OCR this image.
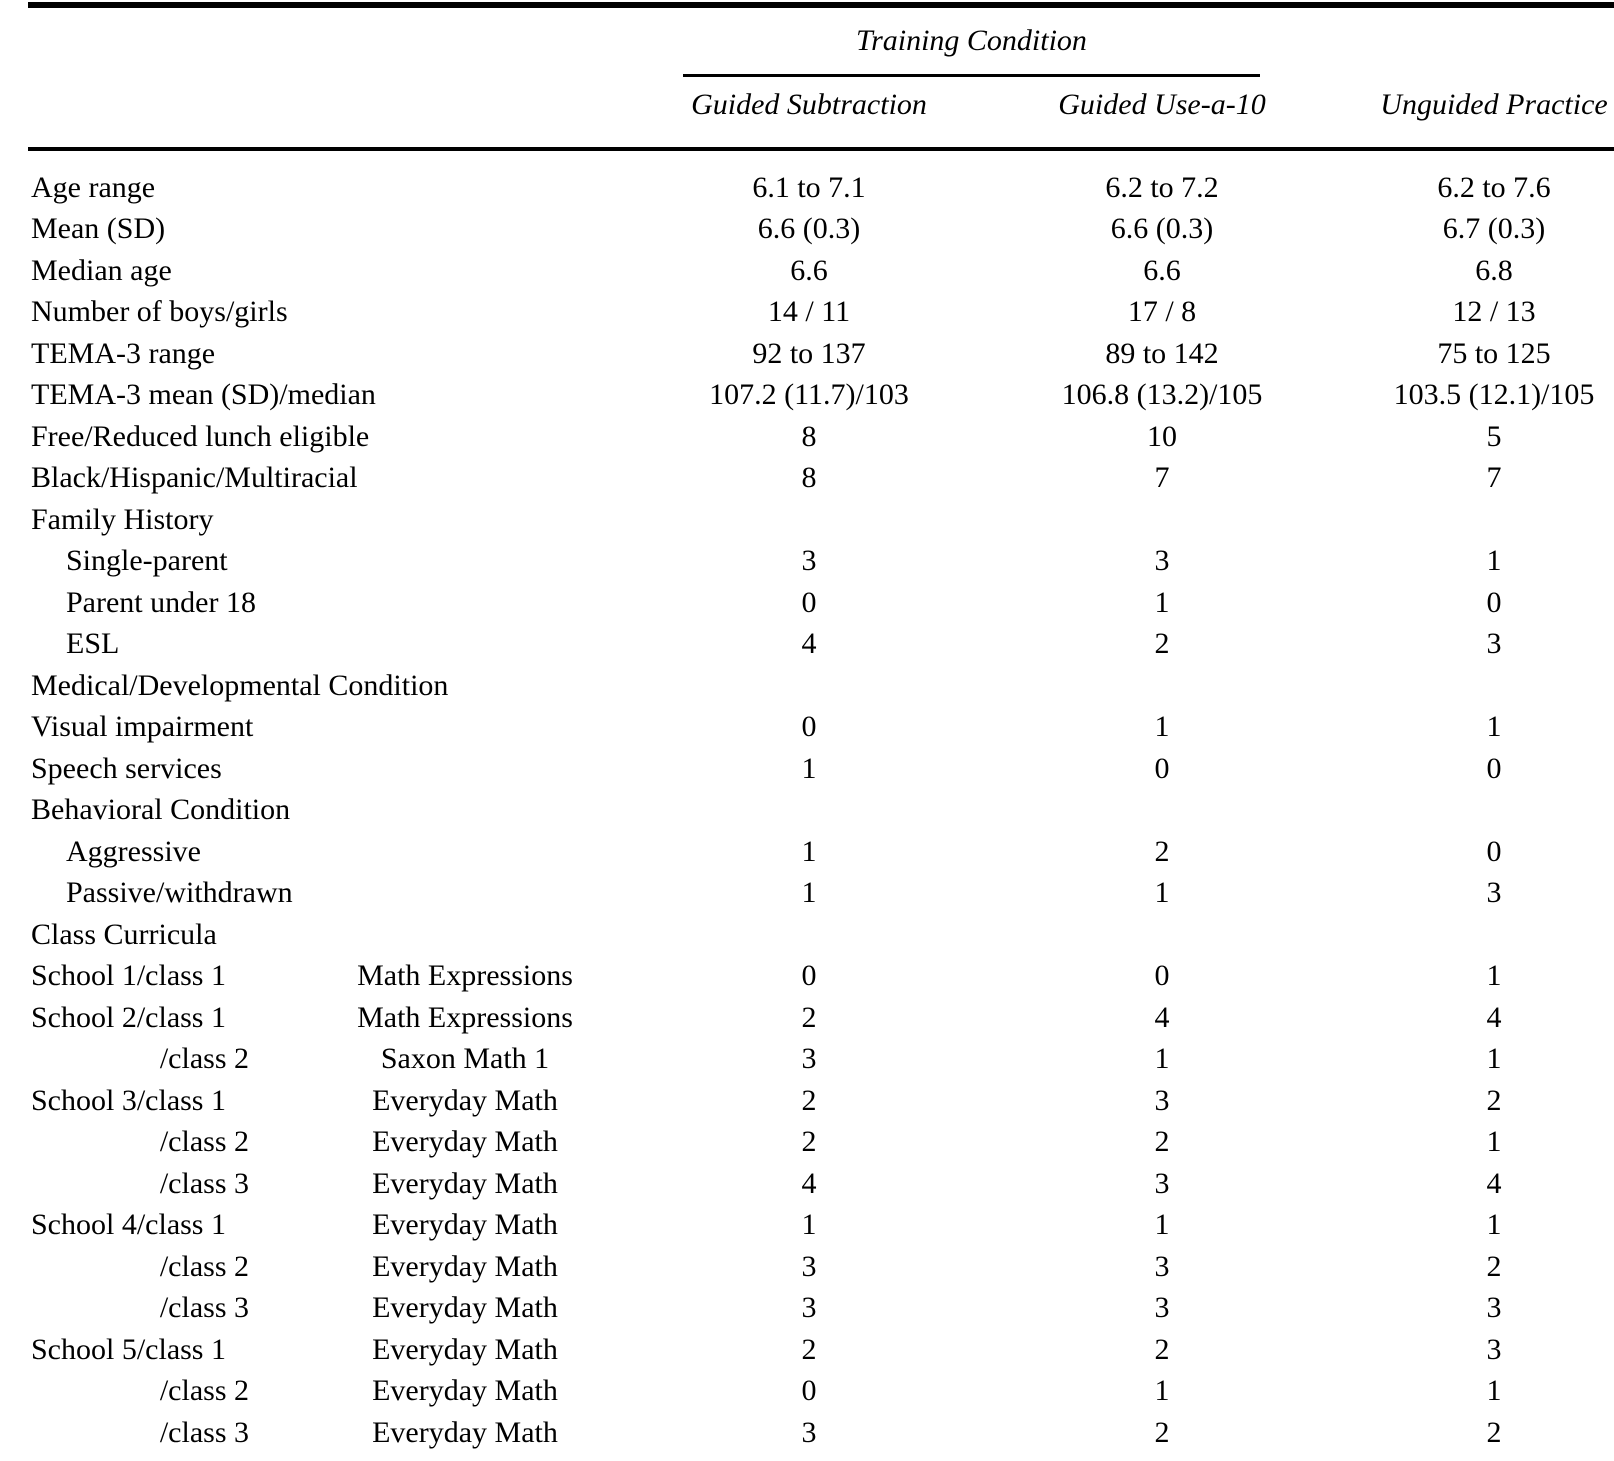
Training Condition
Guided Subtraction	Guided Use-a-10	Unguided Practice
Age range	6.1 to 7.1	6.2 to 7.2	6.2 to 7.6
Mean (SD)	6.6 (0.3)	6.6 (0.3)	6.7 (0.3)
Median age	6.6	6.6	6.8
Number of boys/girls	14 / 11	17 / 8	12 / 13
TEMA-3 range	92 to 137	89 to 142	75 to 125
TEMA-3 mean (SD)/median	107.2 (11.7)/103	106.8 (13.2)/105	103.5 (12.1)/105
Free/Reduced lunch eligible	8	10	5
Black/Hispanic/Multiracial	8	7	7
Family History
Single-parent	3	3	1
Parent under 18	0	1	0
ESL	4	2	3
Medical/Developmental Condition
Visual impairment	0	1	1
Speech services	1	0	0
Behavioral Condition
Aggressive	1	2	0
Passive/withdrawn	1	1	3
Class Curricula
School 1/class 1	Math Expressions	0	0	1
School 2/class 1	Math Expressions	2	4	4
/class 2	Saxon Math 1	3	1	1
School 3/class 1	Everyday Math	2	3	2
/class 2	Everyday Math	2	2	1
/class 3	Everyday Math	4	3	4
School 4/class 1	Everyday Math	1	1	1
/class 2	Everyday Math	3	3	2
/class 3	Everyday Math	3	3	3
School 5/class 1	Everyday Math	2	2	3
/class 2	Everyday Math	0	1	1
/class 3	Everyday Math	3	2	2
